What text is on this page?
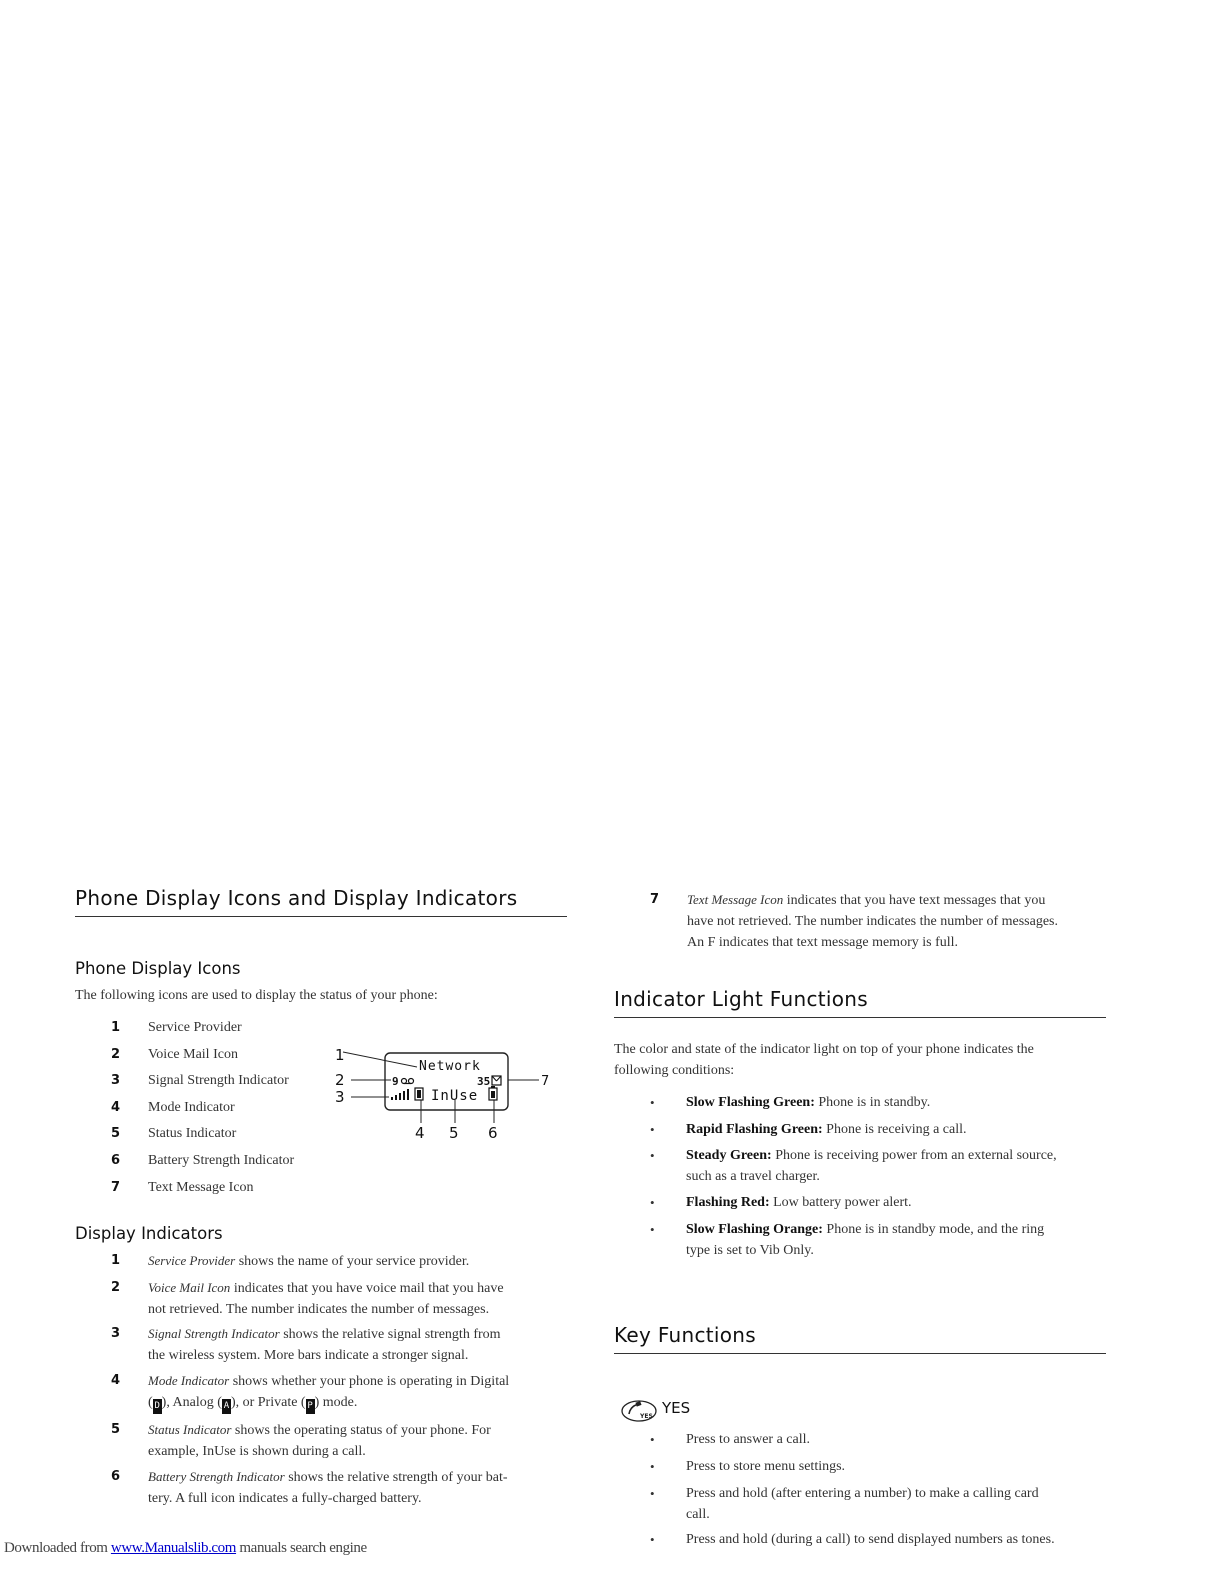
Phone Display Icons and Display Indicators
Phone Display Icons

The following icons are used to display the status of your phone:

1 Service Provider
2 Voice Mail Icon
3 Signal Strength Indicator
4 Mode Indicator
5 Status Indicator
6 Battery Strength Indicator
7 Text Message Icon
1
2
3
4 5 6
7
Network
9	35
InUse
Display Indicators
1 Service Provider shows the name of your service provider.
2 Voice Mail Icon indicates that you have voice mail that you have
not retrieved. The number indicates the number of messages.
3 Signal Strength Indicator shows the relative signal strength from
the wireless system. More bars indicate a stronger signal.
4 Mode Indicator shows whether your phone is operating in Digital
( D ), Analog ( A ), or Private ( P ) mode.
5 Status Indicator shows the operating status of your phone. For
example, InUse is shown during a call.
6 Battery Strength Indicator shows the relative strength of your bat-
tery. A full icon indicates a fully-charged battery.
7 Text Message Icon indicates that you have text messages that you
have not retrieved. The number indicates the number of messages.
An F indicates that text message memory is full.
Indicator Light Functions

The color and state of the indicator light on top of your phone indicates the
following conditions:

• Slow Flashing Green: Phone is in standby.
• Rapid Flashing Green: Phone is receiving a call.
• Steady Green: Phone is receiving power from an external source,
such as a travel charger.
• Flashing Red: Low battery power alert.
• Slow Flashing Orange: Phone is in standby mode, and the ring
type is set to Vib Only.
Key Functions
YES YES
• Press to answer a call.
• Press to store menu settings.
• Press and hold (after entering a number) to make a calling card
call.
• Press and hold (during a call) to send displayed numbers as tones.
Downloaded from www.Manualslib.com manuals search engine
